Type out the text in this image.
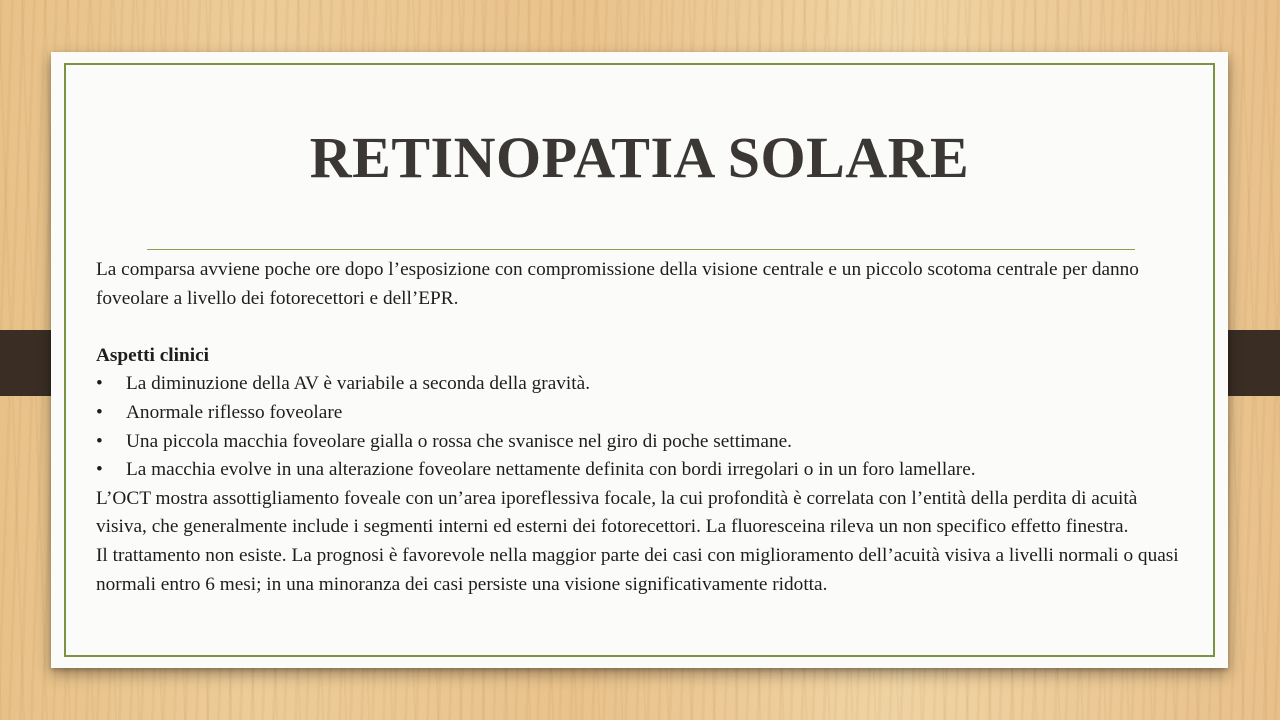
RETINOPATIA SOLARE

La comparsa avviene poche ore dopo l’esposizione con compromissione della visione centrale e un piccolo scotoma centrale per danno foveolare a livello dei fotorecettori e dell’EPR.

Aspetti clinici

• La diminuzione della AV è variabile a seconda della gravità.
• Anormale riflesso foveolare
• Una piccola macchia foveolare gialla o rossa che svanisce nel giro di poche settimane.
• La macchia evolve in una alterazione foveolare nettamente definita con bordi irregolari o in un foro lamellare.

L’OCT mostra assottigliamento foveale con un’area iporeflessiva focale, la cui profondità è correlata con l’entità della perdita di acuità visiva, che generalmente include i segmenti interni ed esterni dei fotorecettori. La fluoresceina rileva un non specifico effetto finestra.

Il trattamento non esiste. La prognosi è favorevole nella maggior parte dei casi con miglioramento dell’acuità visiva a livelli normali o quasi normali entro 6 mesi; in una minoranza dei casi persiste una visione significativamente ridotta.
